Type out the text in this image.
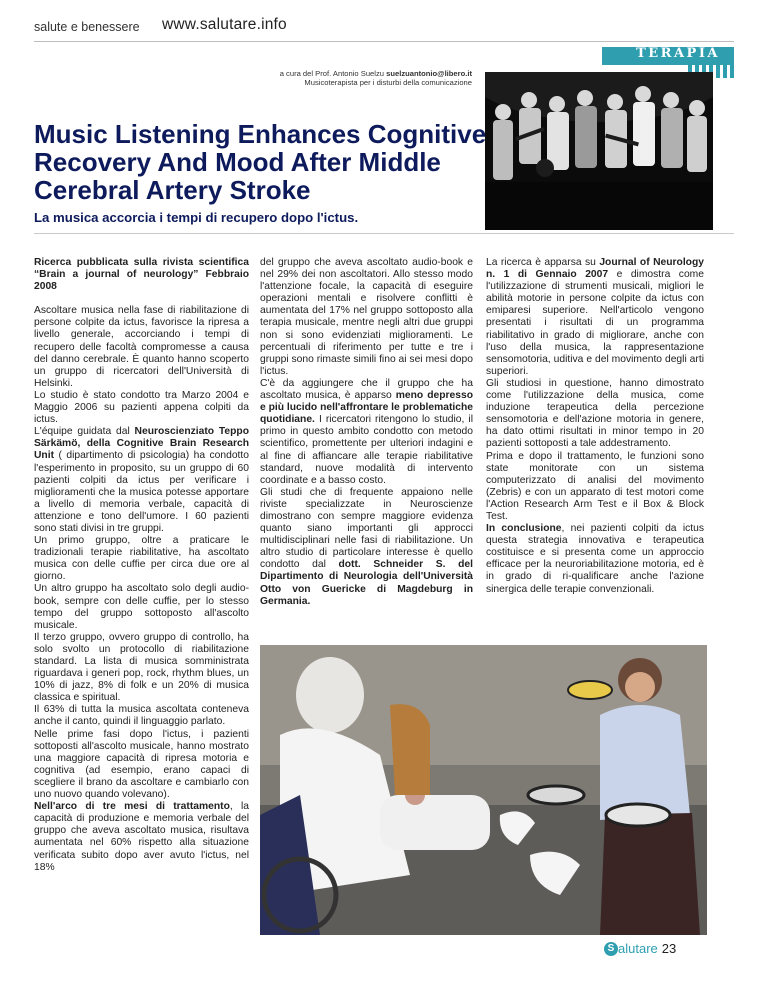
salute e benessere www.salutare.info
TERAPIA
a cura del Prof. Antonio Suelzu suelzuantonio@libero.it
Musicoterapista per i disturbi della comunicazione
Music Listening Enhances Cognitive Recovery And Mood After Middle Cerebral Artery Stroke
La musica accorcia i tempi di recupero dopo l'ictus.

Ricerca pubblicata sulla rivista scientifica “Brain a journal of neurology” Febbraio 2008

Ascoltare musica nella fase di riabilitazione di persone colpite da ictus, favorisce la ripresa a livello generale, accorciando i tempi di recupero delle facoltà compromesse a causa del danno cerebrale. È quanto hanno scoperto un gruppo di ricercatori dell'Università di Helsinki.

Lo studio è stato condotto tra Marzo 2004 e Maggio 2006 su pazienti appena colpiti da ictus.

L'équipe guidata dal Neuroscienziato Teppo Särkämö, della Cognitive Brain Research Unit ( dipartimento di psicologia) ha condotto l'esperimento in proposito, su un gruppo di 60 pazienti colpiti da ictus per verificare i miglioramenti che la musica potesse apportare a livello di memoria verbale, capacità di attenzione e tono dell'umore. I 60 pazienti sono stati divisi in tre gruppi.

Un primo gruppo, oltre a praticare le tradizionali terapie riabilitative, ha ascoltato musica con delle cuffie per circa due ore al giorno.

Un altro gruppo ha ascoltato solo degli audio-book, sempre con delle cuffie, per lo stesso tempo del gruppo sottoposto all'ascolto musicale.

Il terzo gruppo, ovvero gruppo di controllo, ha solo svolto un protocollo di riabilitazione standard. La lista di musica somministrata riguardava i generi pop, rock, rhythm blues, un 10% di jazz, 8% di folk e un 20% di musica classica e spiritual.

Il 63% di tutta la musica ascoltata conteneva anche il canto, quindi il linguaggio parlato.

Nelle prime fasi dopo l'ictus, i pazienti sottoposti all'ascolto musicale, hanno mostrato una maggiore capacità di ripresa motoria e cognitiva (ad esempio, erano capaci di scegliere il brano da ascoltare e cambiarlo con uno nuovo quando volevano).

Nell'arco di tre mesi di trattamento, la capacità di produzione e memoria verbale del gruppo che aveva ascoltato musica, risultava aumentata nel 60% rispetto alla situazione verificata subito dopo aver avuto l'ictus, nel 18%

del gruppo che aveva ascoltato audio-book e nel 29% dei non ascoltatori. Allo stesso modo l'attenzione focale, la capacità di eseguire operazioni mentali e risolvere conflitti è aumentata del 17% nel gruppo sottoposto alla terapia musicale, mentre negli altri due gruppi non si sono evidenziati miglioramenti. Le percentuali di riferimento per tutte e tre i gruppi sono rimaste simili fino ai sei mesi dopo l'ictus.

C'è da aggiungere che il gruppo che ha ascoltato musica, è apparso meno depresso e più lucido nell'affrontare le problematiche quotidiane. I ricercatori ritengono lo studio, il primo in questo ambito condotto con metodo scientifico, promettente per ulteriori indagini e al fine di affiancare alle terapie riabilitative standard, nuove modalità di intervento coordinate e a basso costo.

Gli studi che di frequente appaiono nelle riviste specializzate in Neuroscienze dimostrano con sempre maggiore evidenza quanto siano importanti gli approcci multidisciplinari nelle fasi di riabilitazione. Un altro studio di particolare interesse è quello condotto dal dott. Schneider S. del Dipartimento di Neurologia dell'Università Otto von Guericke di Magdeburg in Germania.

La ricerca è apparsa su Journal of Neurology n. 1 di Gennaio 2007 e dimostra come l'utilizzazione di strumenti musicali, migliori le abilità motorie in persone colpite da ictus con emiparesi superiore. Nell'articolo vengono presentati i risultati di un programma riabilitativo in grado di migliorare, anche con l'uso della musica, la rappresentazione sensomotoria, uditiva e del movimento degli arti superiori.

Gli studiosi in questione, hanno dimostrato come l'utilizzazione della musica, come induzione terapeutica della percezione sensomotoria e dell'azione motoria in genere, ha dato ottimi risultati in minor tempo in 20 pazienti sottoposti a tale addestramento.

Prima e dopo il trattamento, le funzioni sono state monitorate con un sistema computerizzato di analisi del movimento (Zebris) e con un apparato di test motori come l'Action Research Arm Test e il Box & Block Test.

In conclusione, nei pazienti colpiti da ictus questa strategia innovativa e terapeutica costituisce e si presenta come un approccio efficace per la neuroriabilitazione motoria, ed è in grado di ri-qualificare anche l'azione sinergica delle terapie convenzionali.

S alutare 23
